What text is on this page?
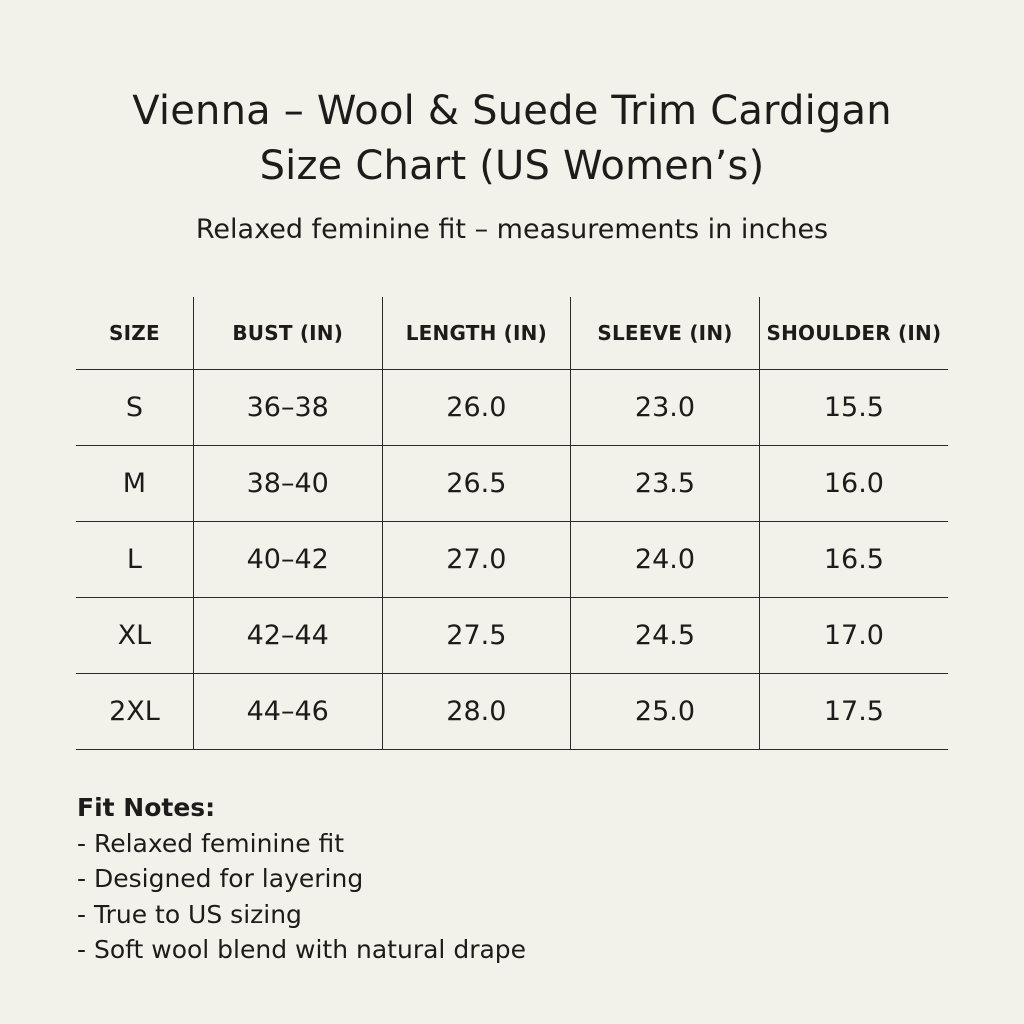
Vienna – Wool & Suede Trim Cardigan
Size Chart (US Women’s)

Relaxed feminine fit – measurements in inches

SIZE	BUST (IN)	LENGTH (IN)	SLEEVE (IN)	SHOULDER (IN)
S	36–38	26.0	23.0	15.5
M	38–40	26.5	23.5	16.0
L	40–42	27.0	24.0	16.5
XL	42–44	27.5	24.5	17.0
2XL	44–46	28.0	25.0	17.5

Fit Notes:

- Relaxed feminine fit
- Designed for layering
- True to US sizing
- Soft wool blend with natural drape
